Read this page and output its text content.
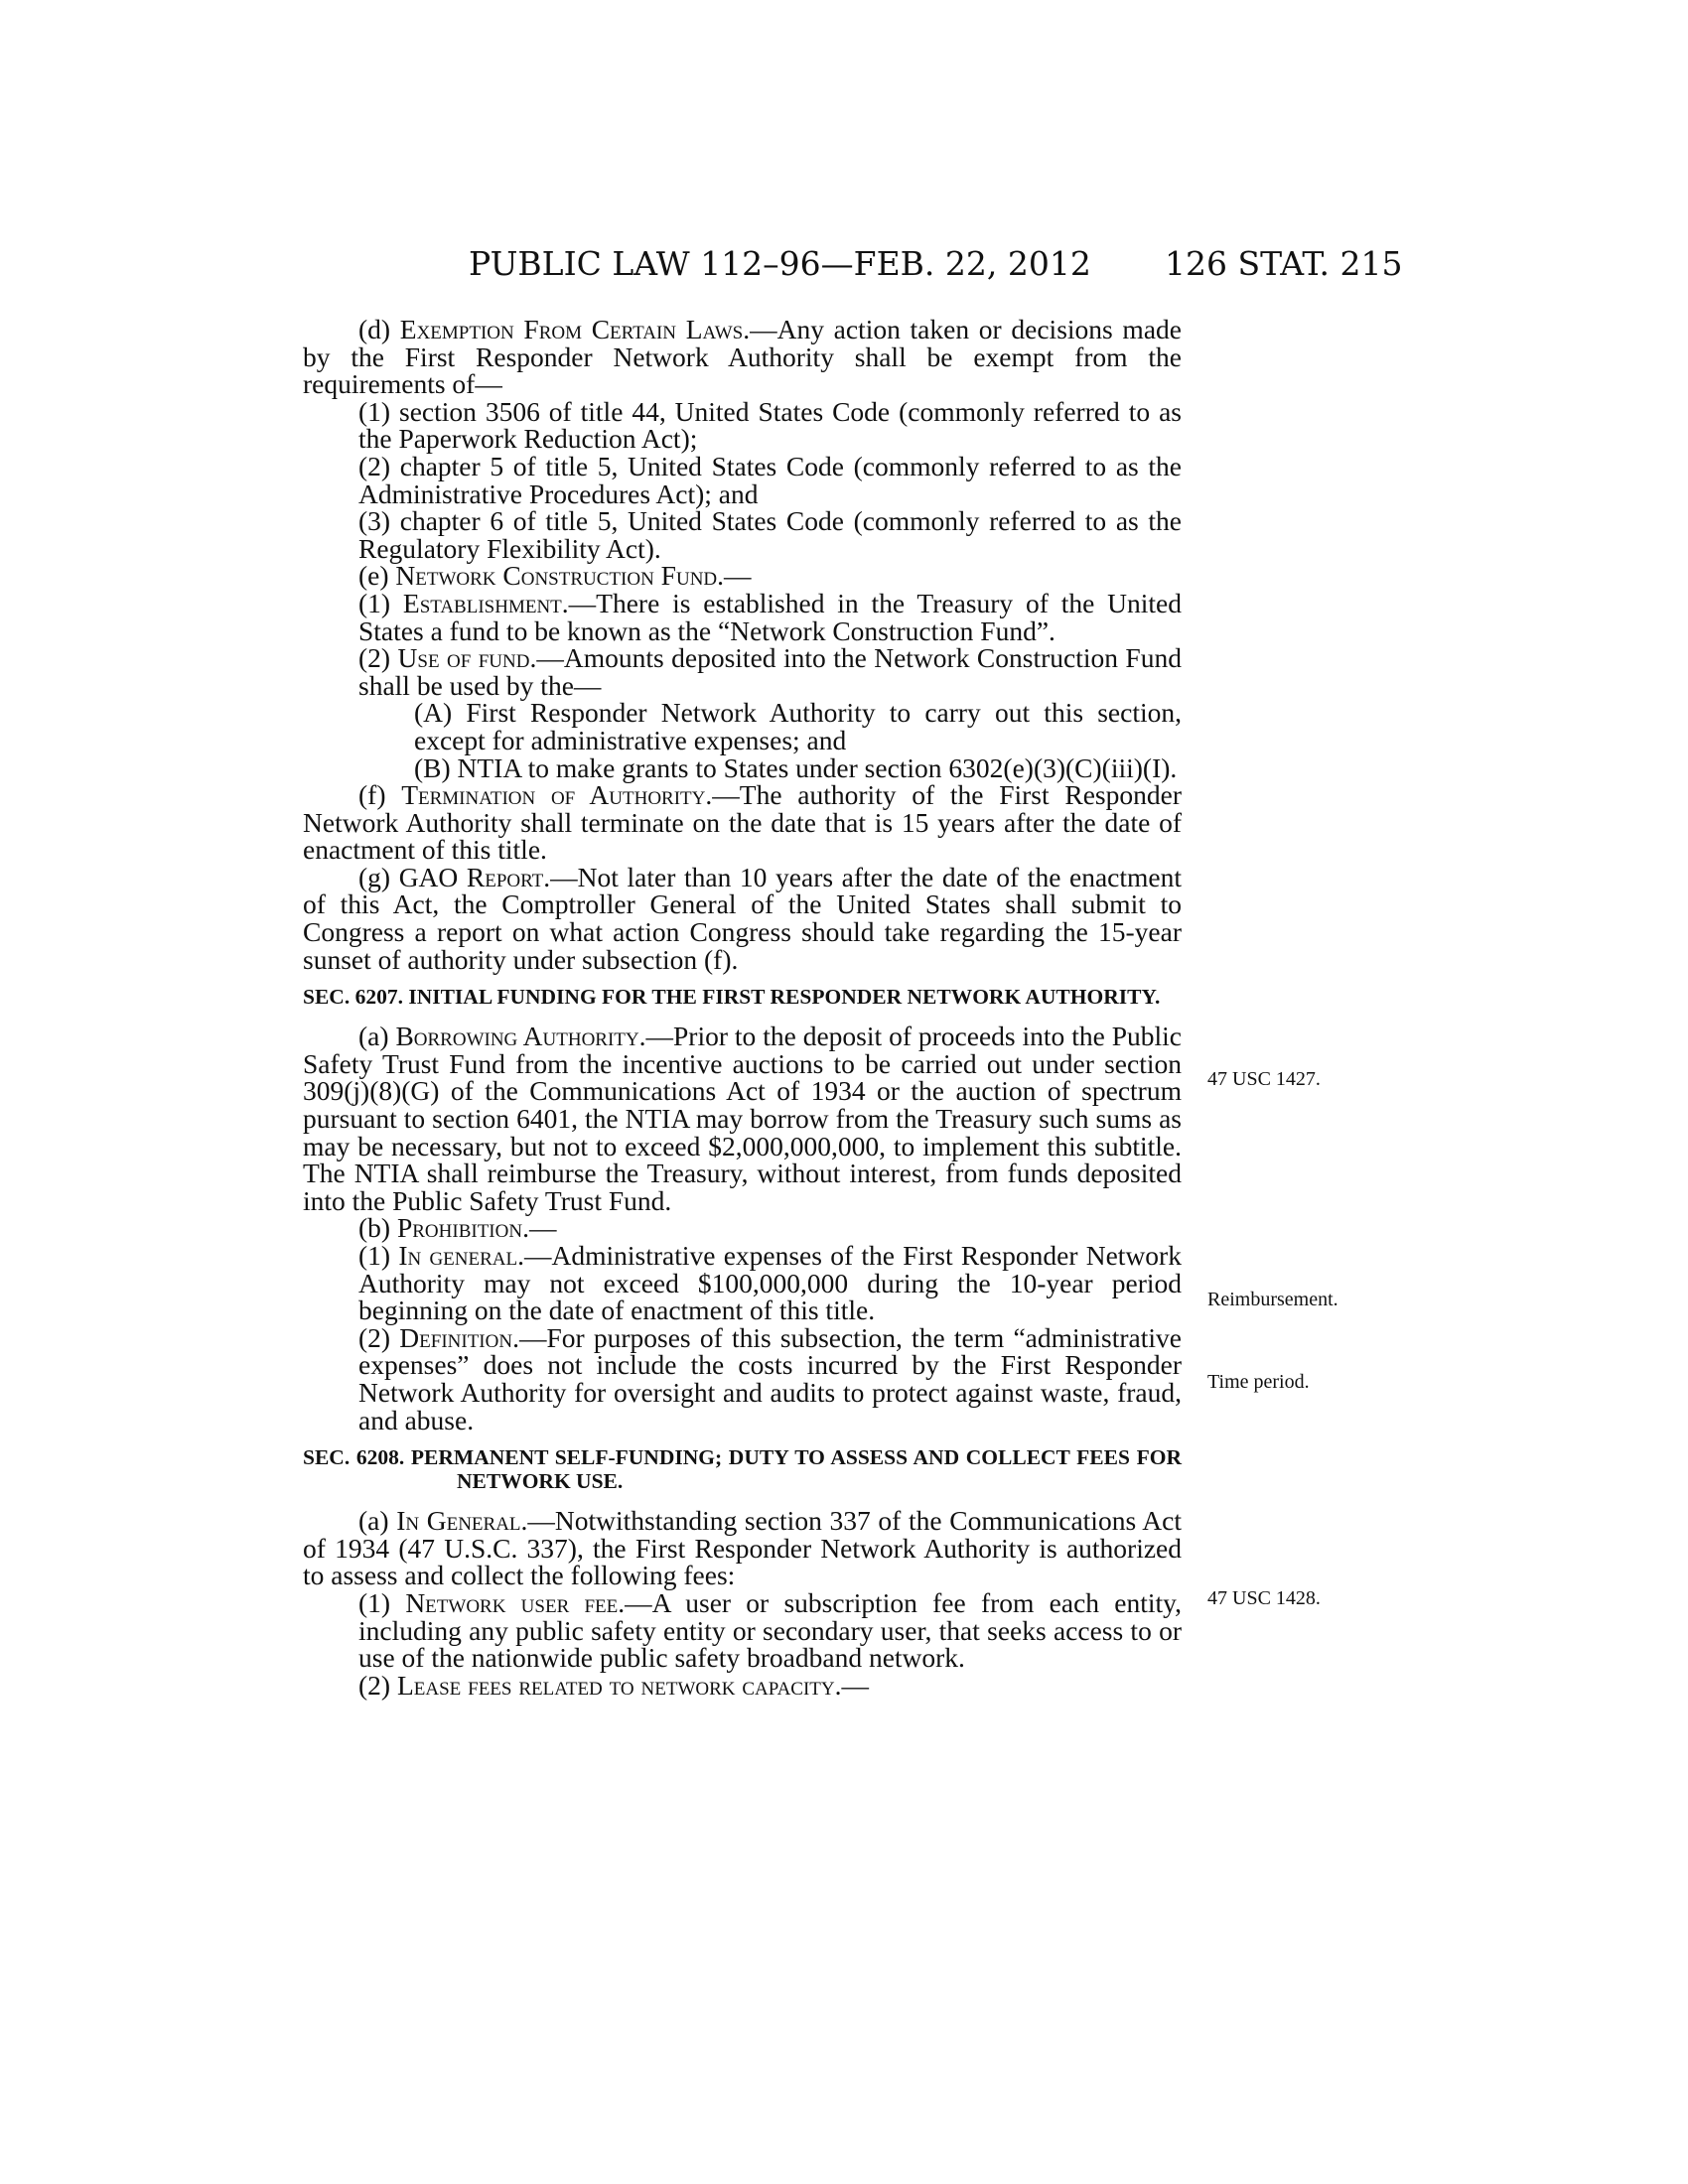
PUBLIC LAW 112–96—FEB. 22, 2012 126 STAT. 215

(d) Exemption From Certain Laws.—Any action taken or decisions made by the First Responder Network Authority shall be exempt from the requirements of—

(1) section 3506 of title 44, United States Code (commonly referred to as the Paperwork Reduction Act);

(2) chapter 5 of title 5, United States Code (commonly referred to as the Administrative Procedures Act); and

(3) chapter 6 of title 5, United States Code (commonly referred to as the Regulatory Flexibility Act).

(e) Network Construction Fund.—

(1) Establishment.—There is established in the Treasury of the United States a fund to be known as the “Network Construction Fund”.

(2) Use of fund.—Amounts deposited into the Network Construction Fund shall be used by the—

(A) First Responder Network Authority to carry out this section, except for administrative expenses; and

(B) NTIA to make grants to States under section 6302(e)(3)(C)(iii)(I).

(f) Termination of Authority.—The authority of the First Responder Network Authority shall terminate on the date that is 15 years after the date of enactment of this title.

(g) GAO Report.—Not later than 10 years after the date of the enactment of this Act, the Comptroller General of the United States shall submit to Congress a report on what action Congress should take regarding the 15-year sunset of authority under subsection (f).

SEC. 6207. INITIAL FUNDING FOR THE FIRST RESPONDER NETWORK AUTHORITY.

(a) Borrowing Authority.—Prior to the deposit of proceeds into the Public Safety Trust Fund from the incentive auctions to be carried out under section 309(j)(8)(G) of the Communications Act of 1934 or the auction of spectrum pursuant to section 6401, the NTIA may borrow from the Treasury such sums as may be necessary, but not to exceed $2,000,000,000, to implement this subtitle. The NTIA shall reimburse the Treasury, without interest, from funds deposited into the Public Safety Trust Fund.

(b) Prohibition.—

(1) In general.—Administrative expenses of the First Responder Network Authority may not exceed $100,000,000 during the 10-year period beginning on the date of enactment of this title.

(2) Definition.—For purposes of this subsection, the term “administrative expenses” does not include the costs incurred by the First Responder Network Authority for oversight and audits to protect against waste, fraud, and abuse.

SEC. 6208. PERMANENT SELF-FUNDING; DUTY TO ASSESS AND COLLECT FEES FOR NETWORK USE.

(a) In General.—Notwithstanding section 337 of the Communications Act of 1934 (47 U.S.C. 337), the First Responder Network Authority is authorized to assess and collect the following fees:

(1) Network user fee.—A user or subscription fee from each entity, including any public safety entity or secondary user, that seeks access to or use of the nationwide public safety broadband network.

(2) Lease fees related to network capacity.—

47 USC 1427.
Reimbursement.
Time period.
47 USC 1428.
